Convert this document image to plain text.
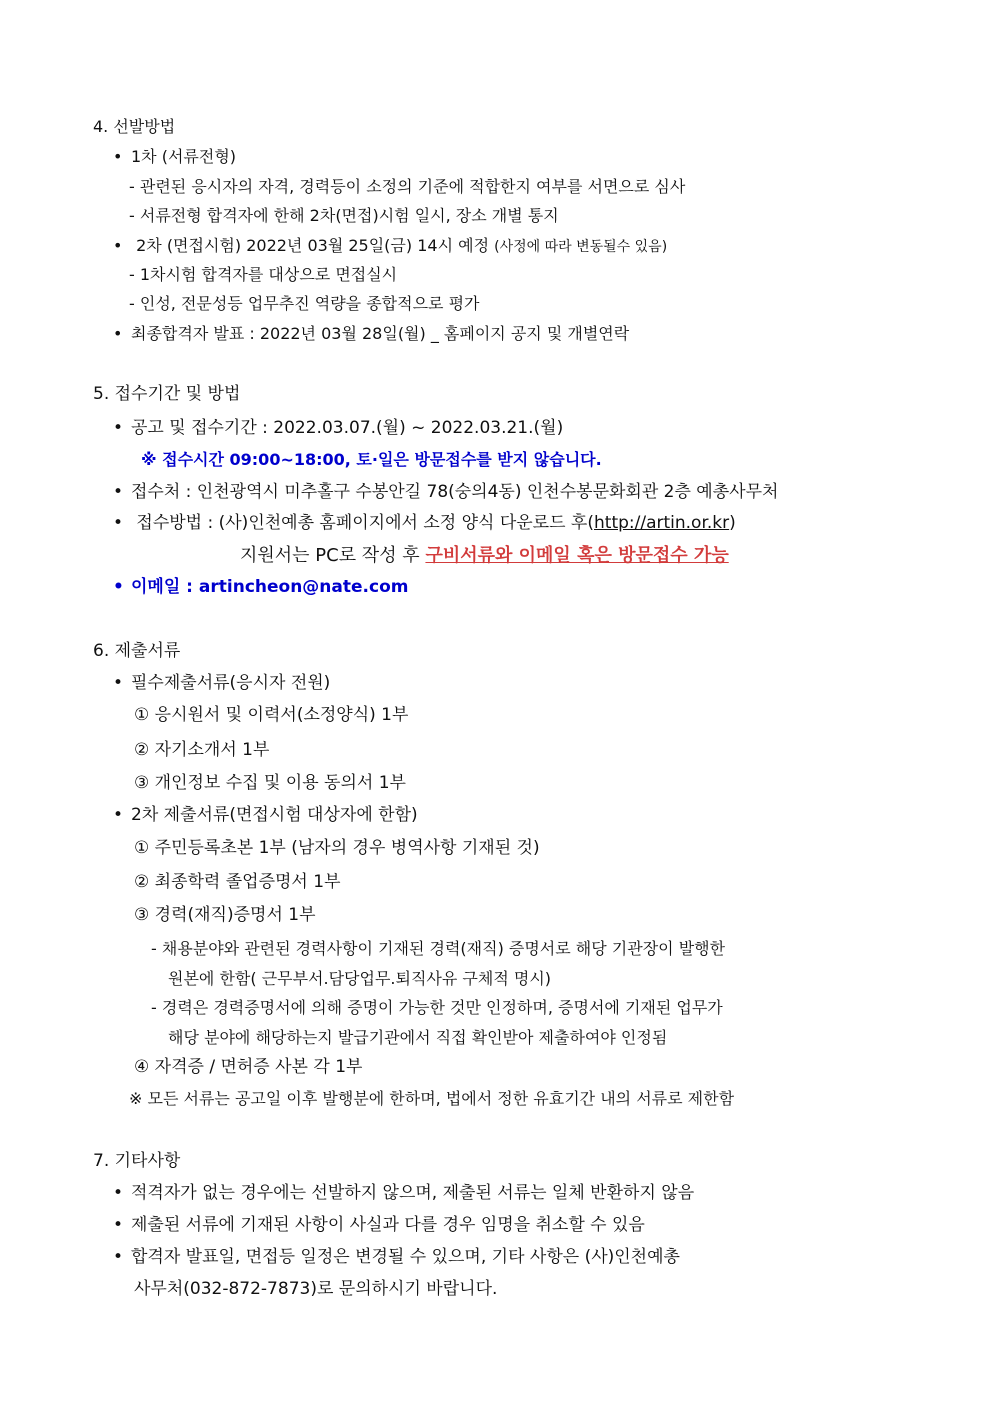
4. 선발방법
• 1차 (서류전형)
- 관련된 응시자의 자격, 경력등이 소정의 기준에 적합한지 여부를 서면으로 심사
- 서류전형 합격자에 한해 2차(면접)시험 일시, 장소 개별 통지
• 2차 (면접시험) 2022년 03월 25일(금) 14시 예정 (사정에 따라 변동될수 있음)
- 1차시험 합격자를 대상으로 면접실시
- 인성, 전문성등 업무추진 역량을 종합적으로 평가
• 최종합격자 발표 : 2022년 03월 28일(월) _ 홈페이지 공지 및 개별연락
5. 접수기간 및 방법
• 공고 및 접수기간 : 2022.03.07.(월) ~ 2022.03.21.(월)
※ 접수시간 09:00~18:00, 토·일은 방문접수를 받지 않습니다.
• 접수처 : 인천광역시 미추홀구 수봉안길 78(숭의4동) 인천수봉문화회관 2층 예총사무처
• 접수방법 : (사)인천예총 홈페이지에서 소정 양식 다운로드 후(http://artin.or.kr)
지원서는 PC로 작성 후 구비서류와 이메일 혹은 방문접수 가능
• 이메일 : artincheon@nate.com
6. 제출서류
• 필수제출서류(응시자 전원)
① 응시원서 및 이력서(소정양식) 1부
② 자기소개서 1부
③ 개인정보 수집 및 이용 동의서 1부
• 2차 제출서류(면접시험 대상자에 한함)
① 주민등록초본 1부 (남자의 경우 병역사항 기재된 것)
② 최종학력 졸업증명서 1부
③ 경력(재직)증명서 1부
- 채용분야와 관련된 경력사항이 기재된 경력(재직) 증명서로 해당 기관장이 발행한
원본에 한함( 근무부서.담당업무.퇴직사유 구체적 명시)
- 경력은 경력증명서에 의해 증명이 가능한 것만 인정하며, 증명서에 기재된 업무가
해당 분야에 해당하는지 발급기관에서 직접 확인받아 제출하여야 인정됨
④ 자격증 / 면허증 사본 각 1부
※ 모든 서류는 공고일 이후 발행분에 한하며, 법에서 정한 유효기간 내의 서류로 제한함
7. 기타사항
• 적격자가 없는 경우에는 선발하지 않으며, 제출된 서류는 일체 반환하지 않음
• 제출된 서류에 기재된 사항이 사실과 다를 경우 임명을 취소할 수 있음
• 합격자 발표일, 면접등 일정은 변경될 수 있으며, 기타 사항은 (사)인천예총
사무처(032-872-7873)로 문의하시기 바랍니다.
